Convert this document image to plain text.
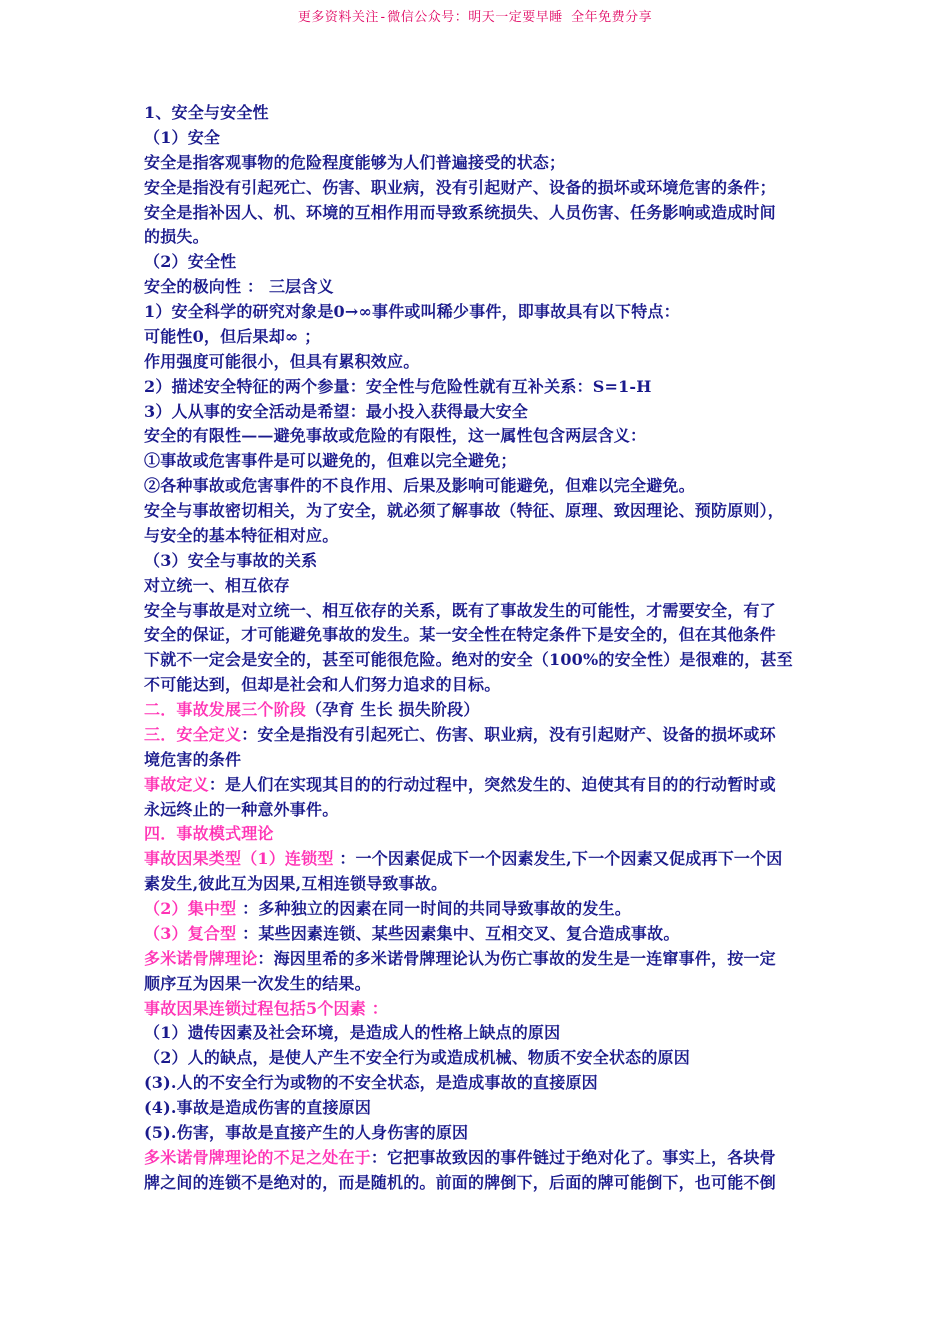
更多资料关注-微信公众号：明天一定要早睡 全年免费分享
1、安全与安全性
（1）安全
安全是指客观事物的危险程度能够为人们普遍接受的状态；
安全是指没有引起死亡、伤害、职业病，没有引起财产、设备的损坏或环境危害的条件；
安全是指补因人、机、环境的互相作用而导致系统损失、人员伤害、任务影响或造成时间
的损失。
（2）安全性
安全的极向性 ： 三层含义
1）安全科学的研究对象是0→∞事件或叫稀少事件，即事故具有以下特点：
可能性0，但后果却∞ ；
作用强度可能很小，但具有累积效应。
2）描述安全特征的两个参量：安全性与危险性就有互补关系：S=1-H
3）人从事的安全活动是希望：最小投入获得最大安全
安全的有限性——避免事故或危险的有限性，这一属性包含两层含义：
①事故或危害事件是可以避免的，但难以完全避免；
②各种事故或危害事件的不良作用、后果及影响可能避免，但难以完全避免。
安全与事故密切相关，为了安全，就必须了解事故（特征、原理、致因理论、预防原则），
与安全的基本特征相对应。
（3）安全与事故的关系
对立统一、相互依存
安全与事故是对立统一、相互依存的关系，既有了事故发生的可能性，才需要安全，有了
安全的保证，才可能避免事故的发生。某一安全性在特定条件下是安全的，但在其他条件
下就不一定会是安全的，甚至可能很危险。绝对的安全（100%的安全性）是很难的，甚至
不可能达到，但却是社会和人们努力追求的目标。
二．事故发展三个阶段（孕育 生长 损失阶段）
三．安全定义：安全是指没有引起死亡、伤害、职业病，没有引起财产、设备的损坏或环
境危害的条件
事故定义：是人们在实现其目的的行动过程中，突然发生的、迫使其有目的的行动暂时或
永远终止的一种意外事件。
四．事故模式理论
事故因果类型（1）连锁型 ：一个因素促成下一个因素发生,下一个因素又促成再下一个因
素发生,彼此互为因果,互相连锁导致事故。
（2）集中型 ：多种独立的因素在同一时间的共同导致事故的发生。
（3）复合型 ：某些因素连锁、某些因素集中、互相交叉、复合造成事故。
多米诺骨牌理论：海因里希的多米诺骨牌理论认为伤亡事故的发生是一连窜事件，按一定
顺序互为因果一次发生的结果。
事故因果连锁过程包括5个因素 ：
（1）遗传因素及社会环境，是造成人的性格上缺点的原因
（2）人的缺点，是使人产生不安全行为或造成机械、物质不安全状态的原因
(3).人的不安全行为或物的不安全状态，是造成事故的直接原因
(4).事故是造成伤害的直接原因
(5).伤害，事故是直接产生的人身伤害的原因
多米诺骨牌理论的不足之处在于：它把事故致因的事件链过于绝对化了。事实上，各块骨
牌之间的连锁不是绝对的，而是随机的。前面的牌倒下，后面的牌可能倒下，也可能不倒
